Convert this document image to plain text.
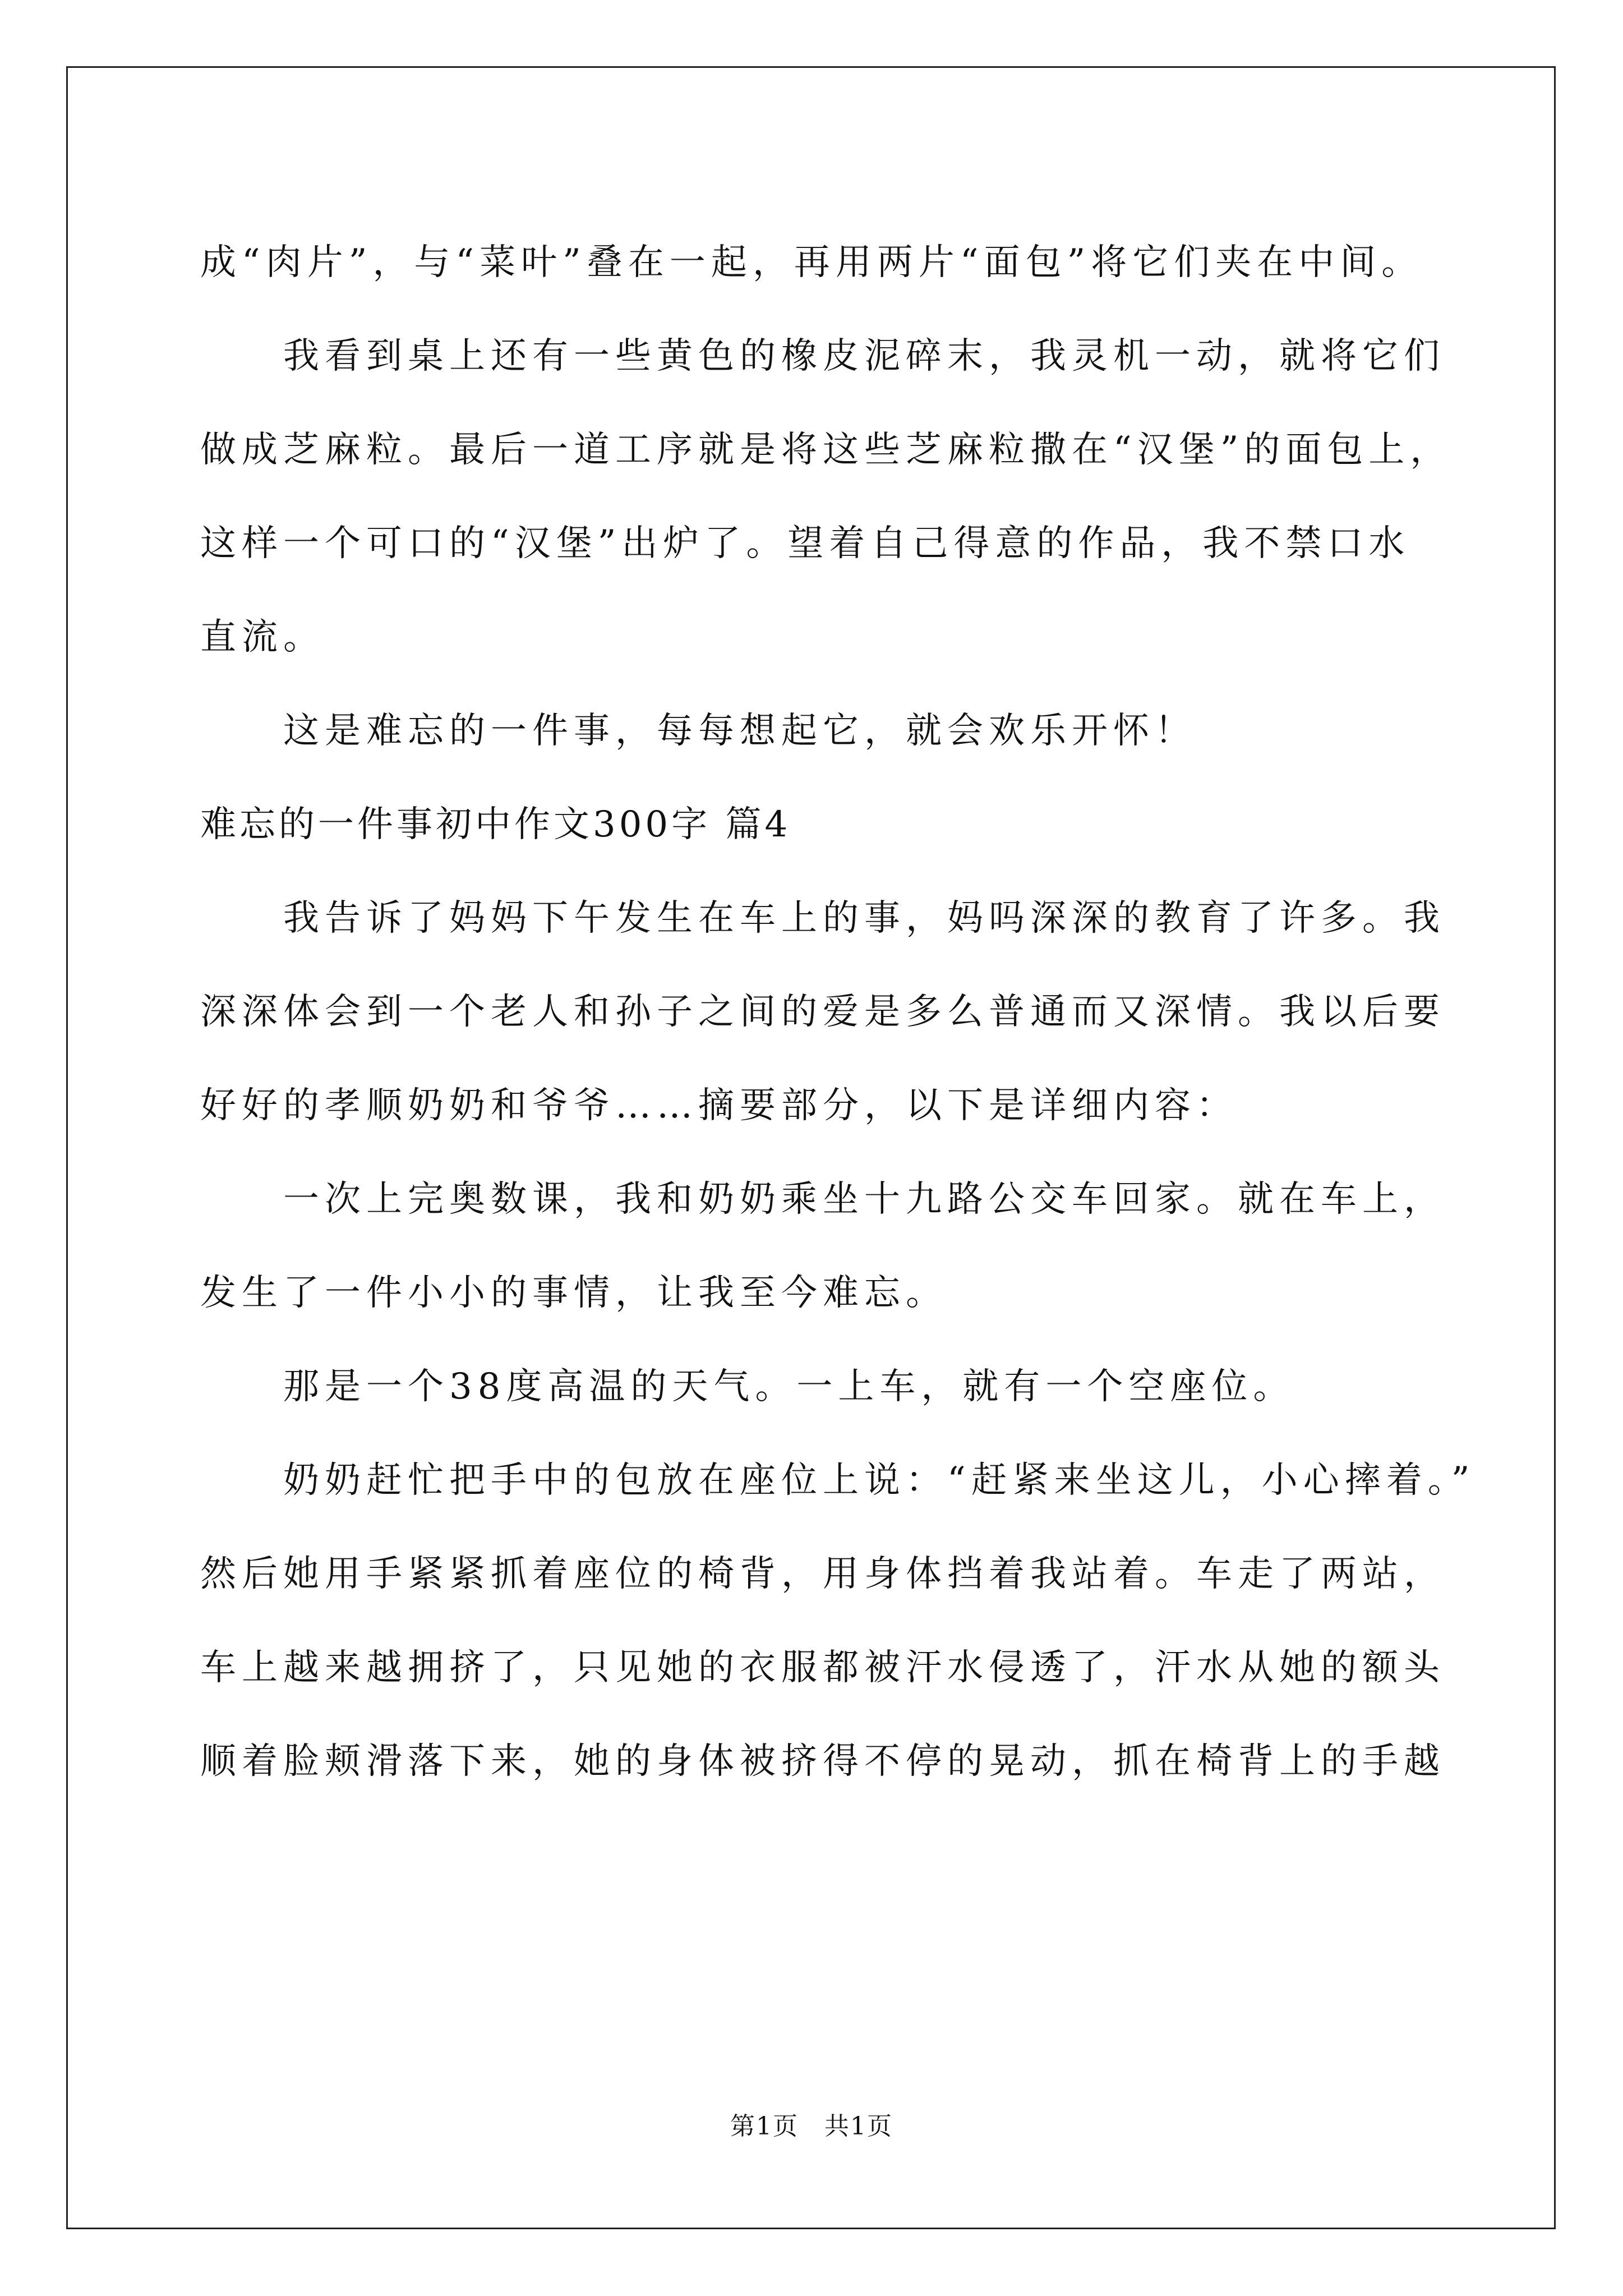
成“肉片”，与“菜叶”叠在一起，再用两片“面包”将它们夹在中间。
我看到桌上还有一些黄色的橡皮泥碎末，我灵机一动，就将它们
做成芝麻粒。最后一道工序就是将这些芝麻粒撒在“汉堡”的面包上，
这样一个可口的“汉堡”出炉了。望着自己得意的作品，我不禁口水
直流。
这是难忘的一件事，每每想起它，就会欢乐开怀！
难忘的一件事初中作文300字 篇4
我告诉了妈妈下午发生在车上的事，妈吗深深的教育了许多。我
深深体会到一个老人和孙子之间的爱是多么普通而又深情。我以后要
好好的孝顺奶奶和爷爷……摘要部分，以下是详细内容：
一次上完奥数课，我和奶奶乘坐十九路公交车回家。就在车上，
发生了一件小小的事情，让我至今难忘。
那是一个38度高温的天气。一上车，就有一个空座位。
奶奶赶忙把手中的包放在座位上说：“赶紧来坐这儿，小心摔着。”
然后她用手紧紧抓着座位的椅背，用身体挡着我站着。车走了两站，
车上越来越拥挤了，只见她的衣服都被汗水侵透了，汗水从她的额头
顺着脸颊滑落下来，她的身体被挤得不停的晃动，抓在椅背上的手越
第1页　共1页
